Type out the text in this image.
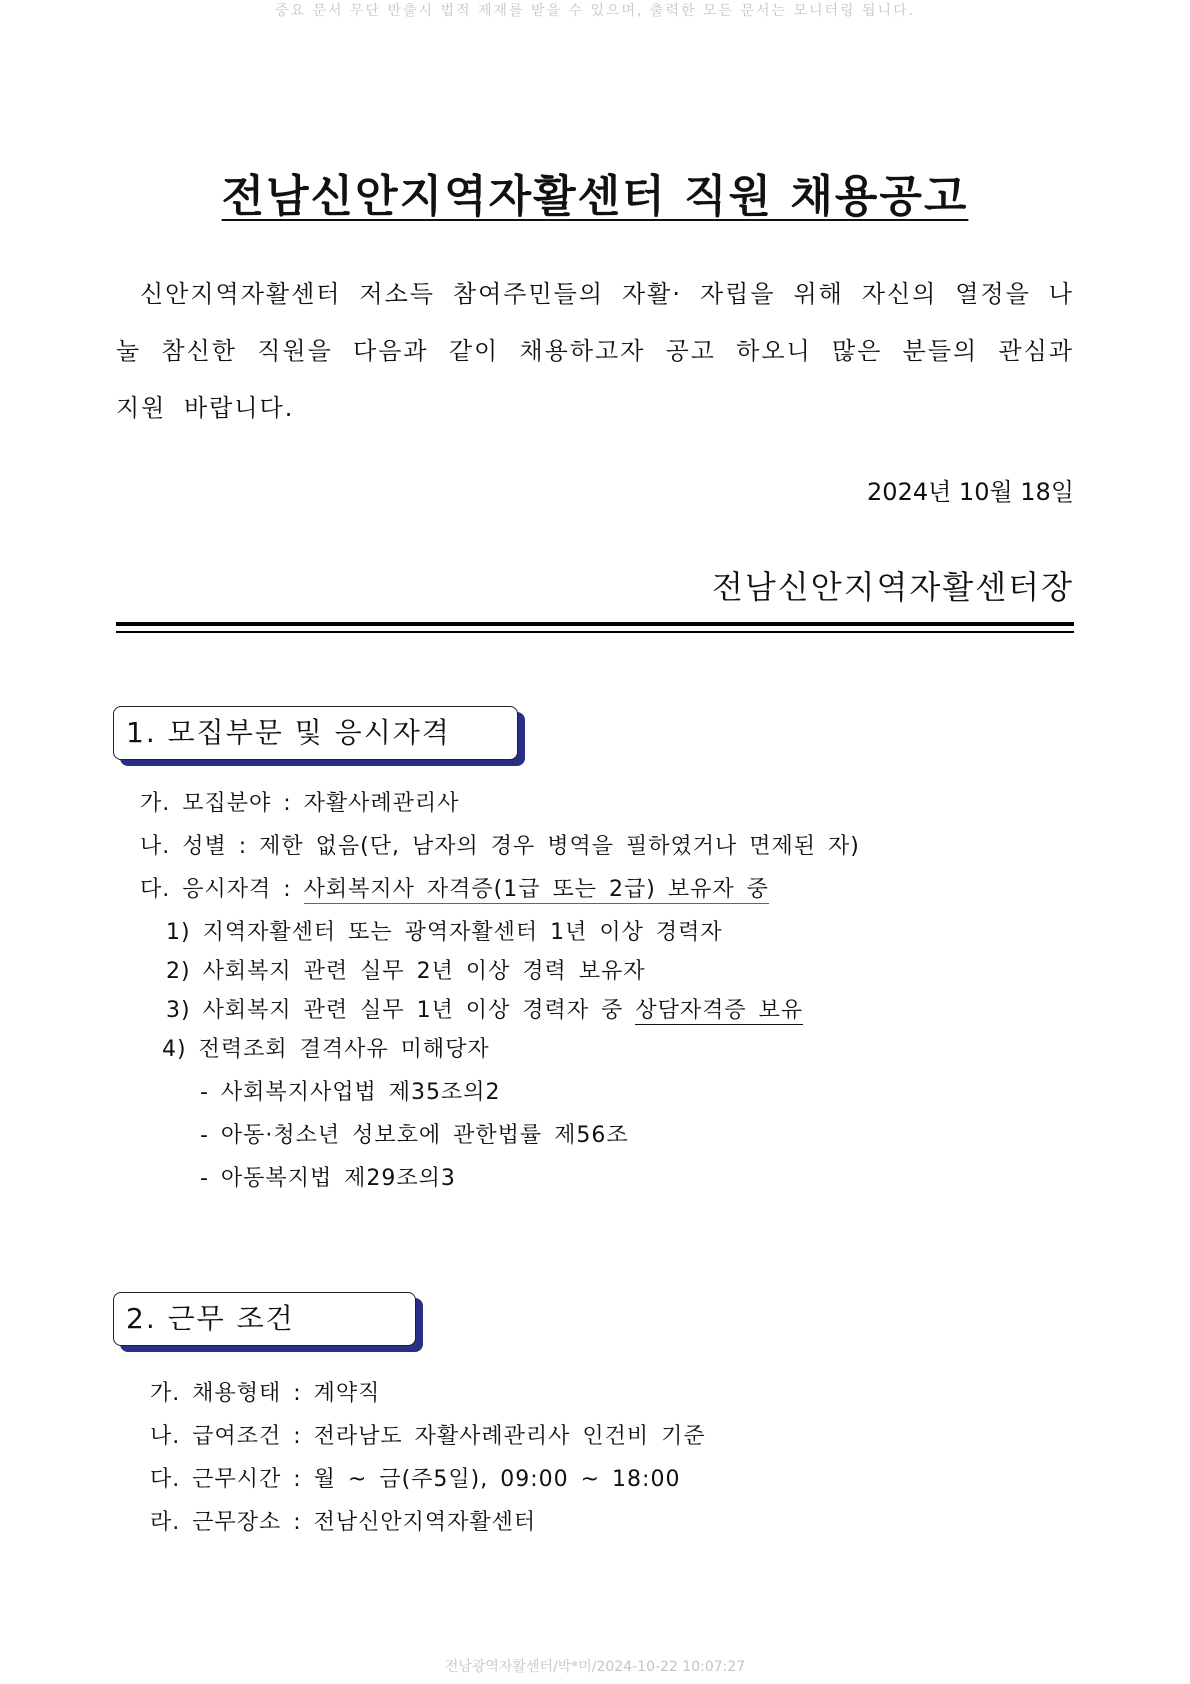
중요 문서 무단 반출시 법적 제재를 받을 수 있으며, 출력한 모든 문서는 모니터링 됩니다.
전남신안지역자활센터 직원 채용공고

신안지역자활센터 저소득 참여주민들의 자활· 자립을 위해 자신의 열정을 나눌 참신한 직원을 다음과 같이 채용하고자 공고 하오니 많은 분들의 관심과 지원 바랍니다.

2024년 10월 18일
전남신안지역자활센터장
1. 모집부문 및 응시자격
가. 모집분야 : 자활사례관리사
나. 성별 : 제한 없음(단, 남자의 경우 병역을 필하였거나 면제된 자)
다. 응시자격 : 사회복지사 자격증(1급 또는 2급) 보유자 중
1) 지역자활센터 또는 광역자활센터 1년 이상 경력자
2) 사회복지 관련 실무 2년 이상 경력 보유자
3) 사회복지 관련 실무 1년 이상 경력자 중 상담자격증 보유
4) 전력조회 결격사유 미해당자
- 사회복지사업법 제35조의2
- 아동·청소년 성보호에 관한법률 제56조
- 아동복지법 제29조의3
2. 근무 조건
가. 채용형태 : 계약직
나. 급여조건 : 전라남도 자활사례관리사 인건비 기준
다. 근무시간 : 월 ~ 금(주5일), 09:00 ~ 18:00
라. 근무장소 : 전남신안지역자활센터
전남광역자활센터/박*미/2024-10-22 10:07:27
